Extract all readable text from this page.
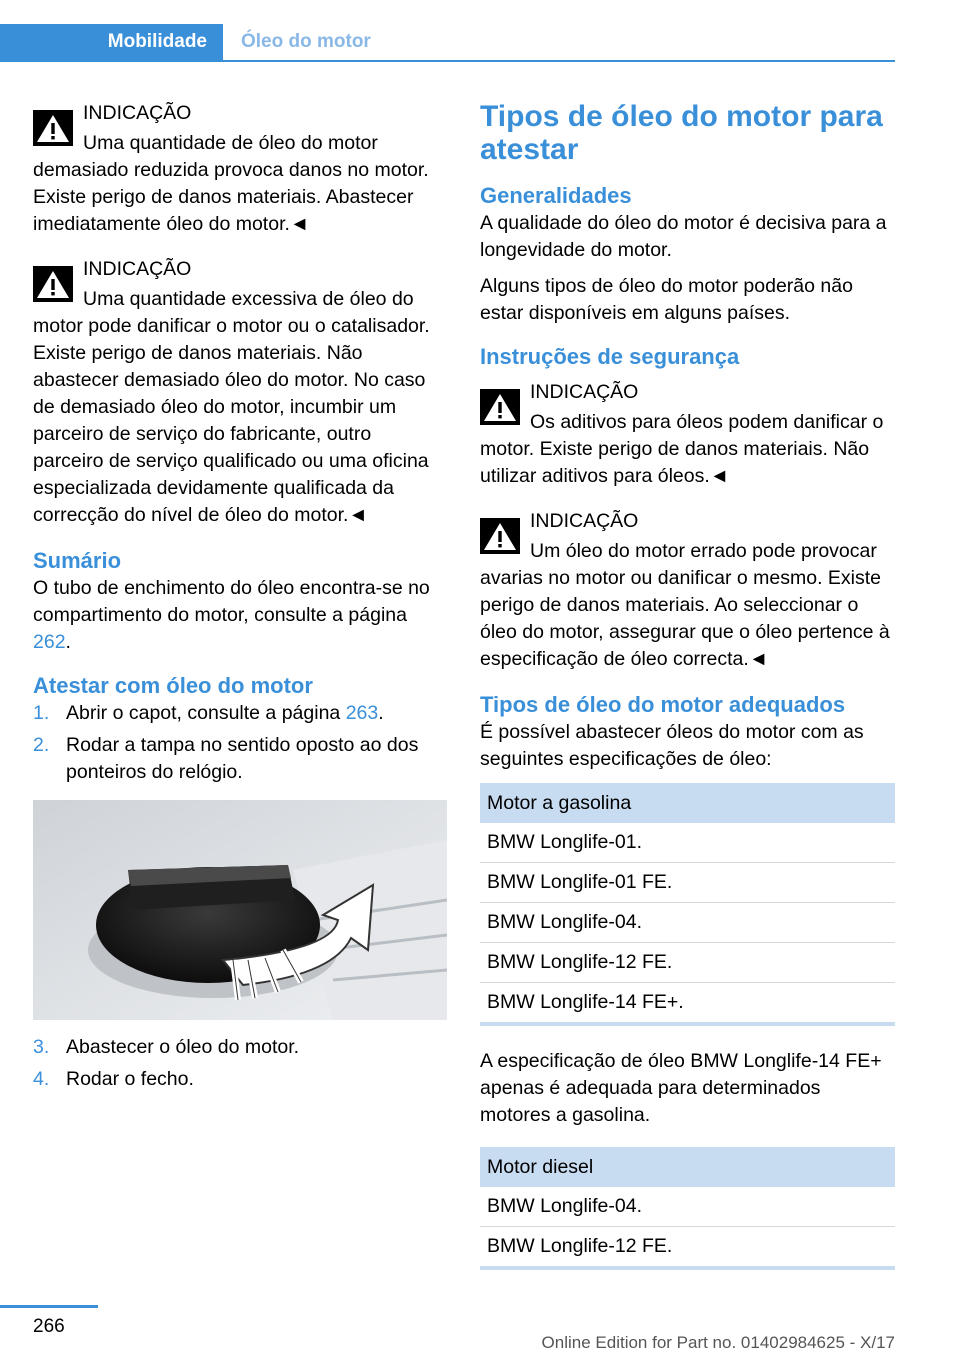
Mobilidade Óleo do motor

INDICAÇÃO

Uma quantidade de óleo do motor demasiado reduzida provoca danos no motor. Existe perigo de danos materiais. Abastecer imediatamente óleo do motor.◄

INDICAÇÃO

Uma quantidade excessiva de óleo do motor pode danificar o motor ou o catalisador. Existe perigo de danos materiais. Não abastecer demasiado óleo do motor. No caso de demasiado óleo do motor, incumbir um parceiro de serviço do fabricante, outro parceiro de serviço qualificado ou uma oficina especializada devidamente qualificada da correcção do nível de óleo do motor.◄

Sumário

O tubo de enchimento do óleo encontra-se no compartimento do motor, consulte a página 262.

Atestar com óleo do motor
1. Abrir o capot, consulte a página 263.
2. Rodar a tampa no sentido oposto ao dos ponteiros do relógio.
3. Abastecer o óleo do motor.
4. Rodar o fecho.
Tipos de óleo do motor para atestar
Generalidades

A qualidade do óleo do motor é decisiva para a longevidade do motor.

Alguns tipos de óleo do motor poderão não estar disponíveis em alguns países.

Instruções de segurança

INDICAÇÃO

Os aditivos para óleos podem danificar o motor. Existe perigo de danos materiais. Não utilizar aditivos para óleos.◄

INDICAÇÃO

Um óleo do motor errado pode provocar avarias no motor ou danificar o mesmo. Existe perigo de danos materiais. Ao seleccionar o óleo do motor, assegurar que o óleo pertence à especificação de óleo correcta.◄

Tipos de óleo do motor adequados

É possível abastecer óleos do motor com as seguintes especificações de óleo:

Motor a gasolina
BMW Longlife-01.
BMW Longlife-01 FE.
BMW Longlife-04.
BMW Longlife-12 FE.
BMW Longlife-14 FE+.

A especificação de óleo BMW Longlife-14 FE+ apenas é adequada para determinados motores a gasolina.

Motor diesel
BMW Longlife-04.
BMW Longlife-12 FE.
266
Online Edition for Part no. 01402984625 - X/17
